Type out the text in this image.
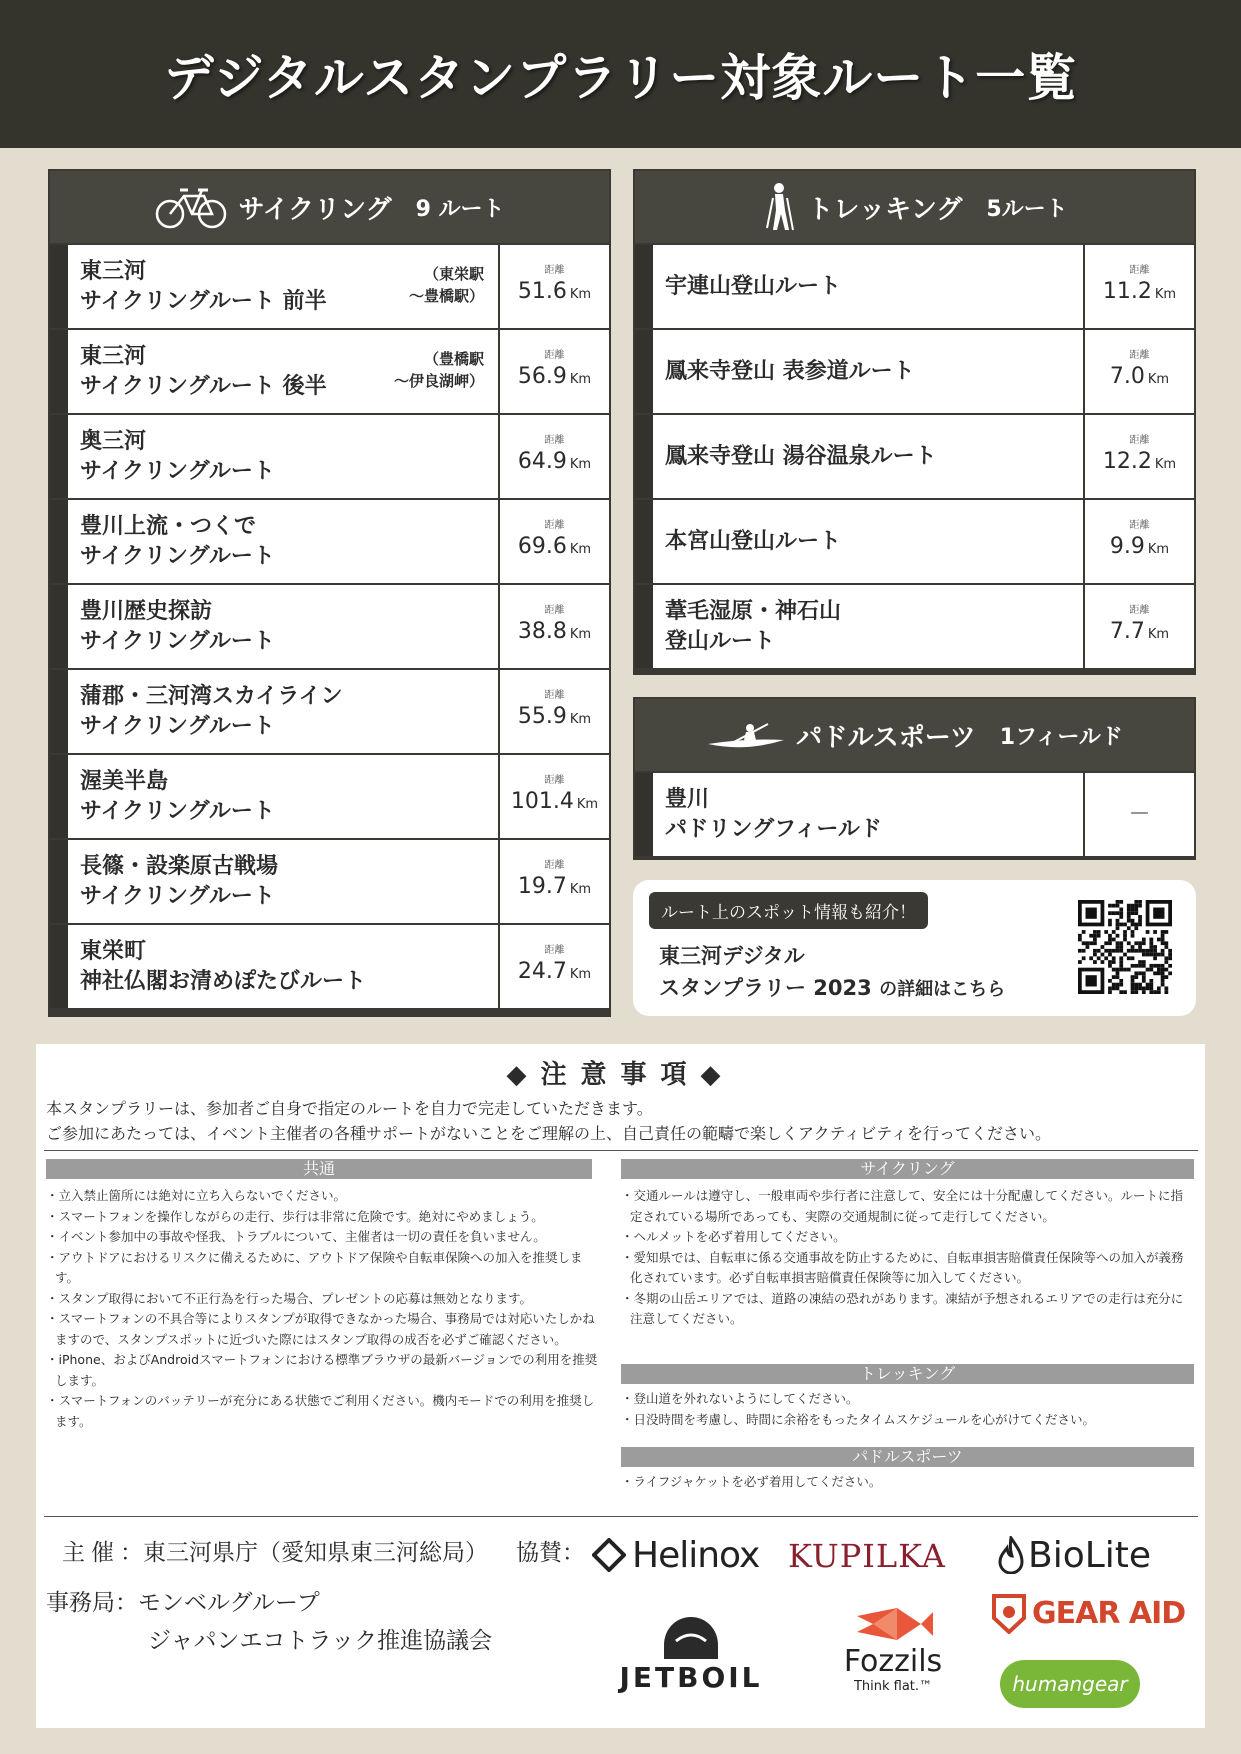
デジタルスタンプラリー対象ルート一覧
サイクリング 9 ルート
東三河
サイクリングルート 前半
（東栄駅
～豊橋駅）
距離
51.6 Km
東三河
サイクリングルート 後半
（豊橋駅
～伊良湖岬）
距離
56.9 Km
奥三河
サイクリングルート
距離
64.9 Km
豊川上流・つくで
サイクリングルート
距離
69.6 Km
豊川歴史探訪
サイクリングルート
距離
38.8 Km
蒲郡・三河湾スカイライン
サイクリングルート
距離
55.9 Km
渥美半島
サイクリングルート
距離
101.4 Km
長篠・設楽原古戦場
サイクリングルート
距離
19.7 Km
東栄町
神社仏閣お清めぽたびルート
距離
24.7 Km
トレッキング 5ルート
宇連山登山ルート
距離
11.2 Km
鳳来寺登山 表参道ルート
距離
7.0 Km
鳳来寺登山 湯谷温泉ルート
距離
12.2 Km
本宮山登山ルート
距離
9.9 Km
葦毛湿原・神石山
登山ルート
距離
7.7 Km
パドルスポーツ 1フィールド
豊川
パドリングフィールド
－
ルート上のスポット情報も紹介！
東三河デジタル
スタンプラリー 2023 の詳細はこちら
◆注意事項◆
本スタンプラリーは、参加者ご自身で指定のルートを自力で完走していただきます。
ご参加にあたっては、イベント主催者の各種サポートがないことをご理解の上、自己責任の範疇で楽しくアクティビティを行ってください。
共通
・立入禁止箇所には絶対に立ち入らないでください。
・スマートフォンを操作しながらの走行、歩行は非常に危険です。絶対にやめましょう。
・イベント参加中の事故や怪我、トラブルについて、主催者は一切の責任を負いません。
・アウトドアにおけるリスクに備えるために、アウトドア保険や自転車保険への加入を推奨します。
・スタンプ取得において不正行為を行った場合、プレゼントの応募は無効となります。
・スマートフォンの不具合等によりスタンプが取得できなかった場合、事務局では対応いたしかねますので、スタンプスポットに近づいた際にはスタンプ取得の成否を必ずご確認ください。
・iPhone、およびAndroidスマートフォンにおける標準ブラウザの最新バージョンでの利用を推奨します。
・スマートフォンのバッテリーが充分にある状態でご利用ください。機内モードでの利用を推奨します。
サイクリング
・交通ルールは遵守し、一般車両や歩行者に注意して、安全には十分配慮してください。ルートに指定されている場所であっても、実際の交通規制に従って走行してください。
・ヘルメットを必ず着用してください。
・愛知県では、自転車に係る交通事故を防止するために、自転車損害賠償責任保険等への加入が義務化されています。必ず自転車損害賠償責任保険等に加入してください。
・冬期の山岳エリアでは、道路の凍結の恐れがあります。凍結が予想されるエリアでの走行は充分に注意してください。
トレッキング
・登山道を外れないようにしてください。
・日没時間を考慮し、時間に余裕をもったタイムスケジュールを心がけてください。
パドルスポーツ
・ライフジャケットを必ず着用してください。
主催：東三河県庁（愛知県東三河総局） 協賛：
事務局：モンベルグループ
ジャパンエコトラック推進協議会
Helinox KUPILKA BioLite
JETBOIL	Fozzils
Think flat.™
GEAR AID
humangear
